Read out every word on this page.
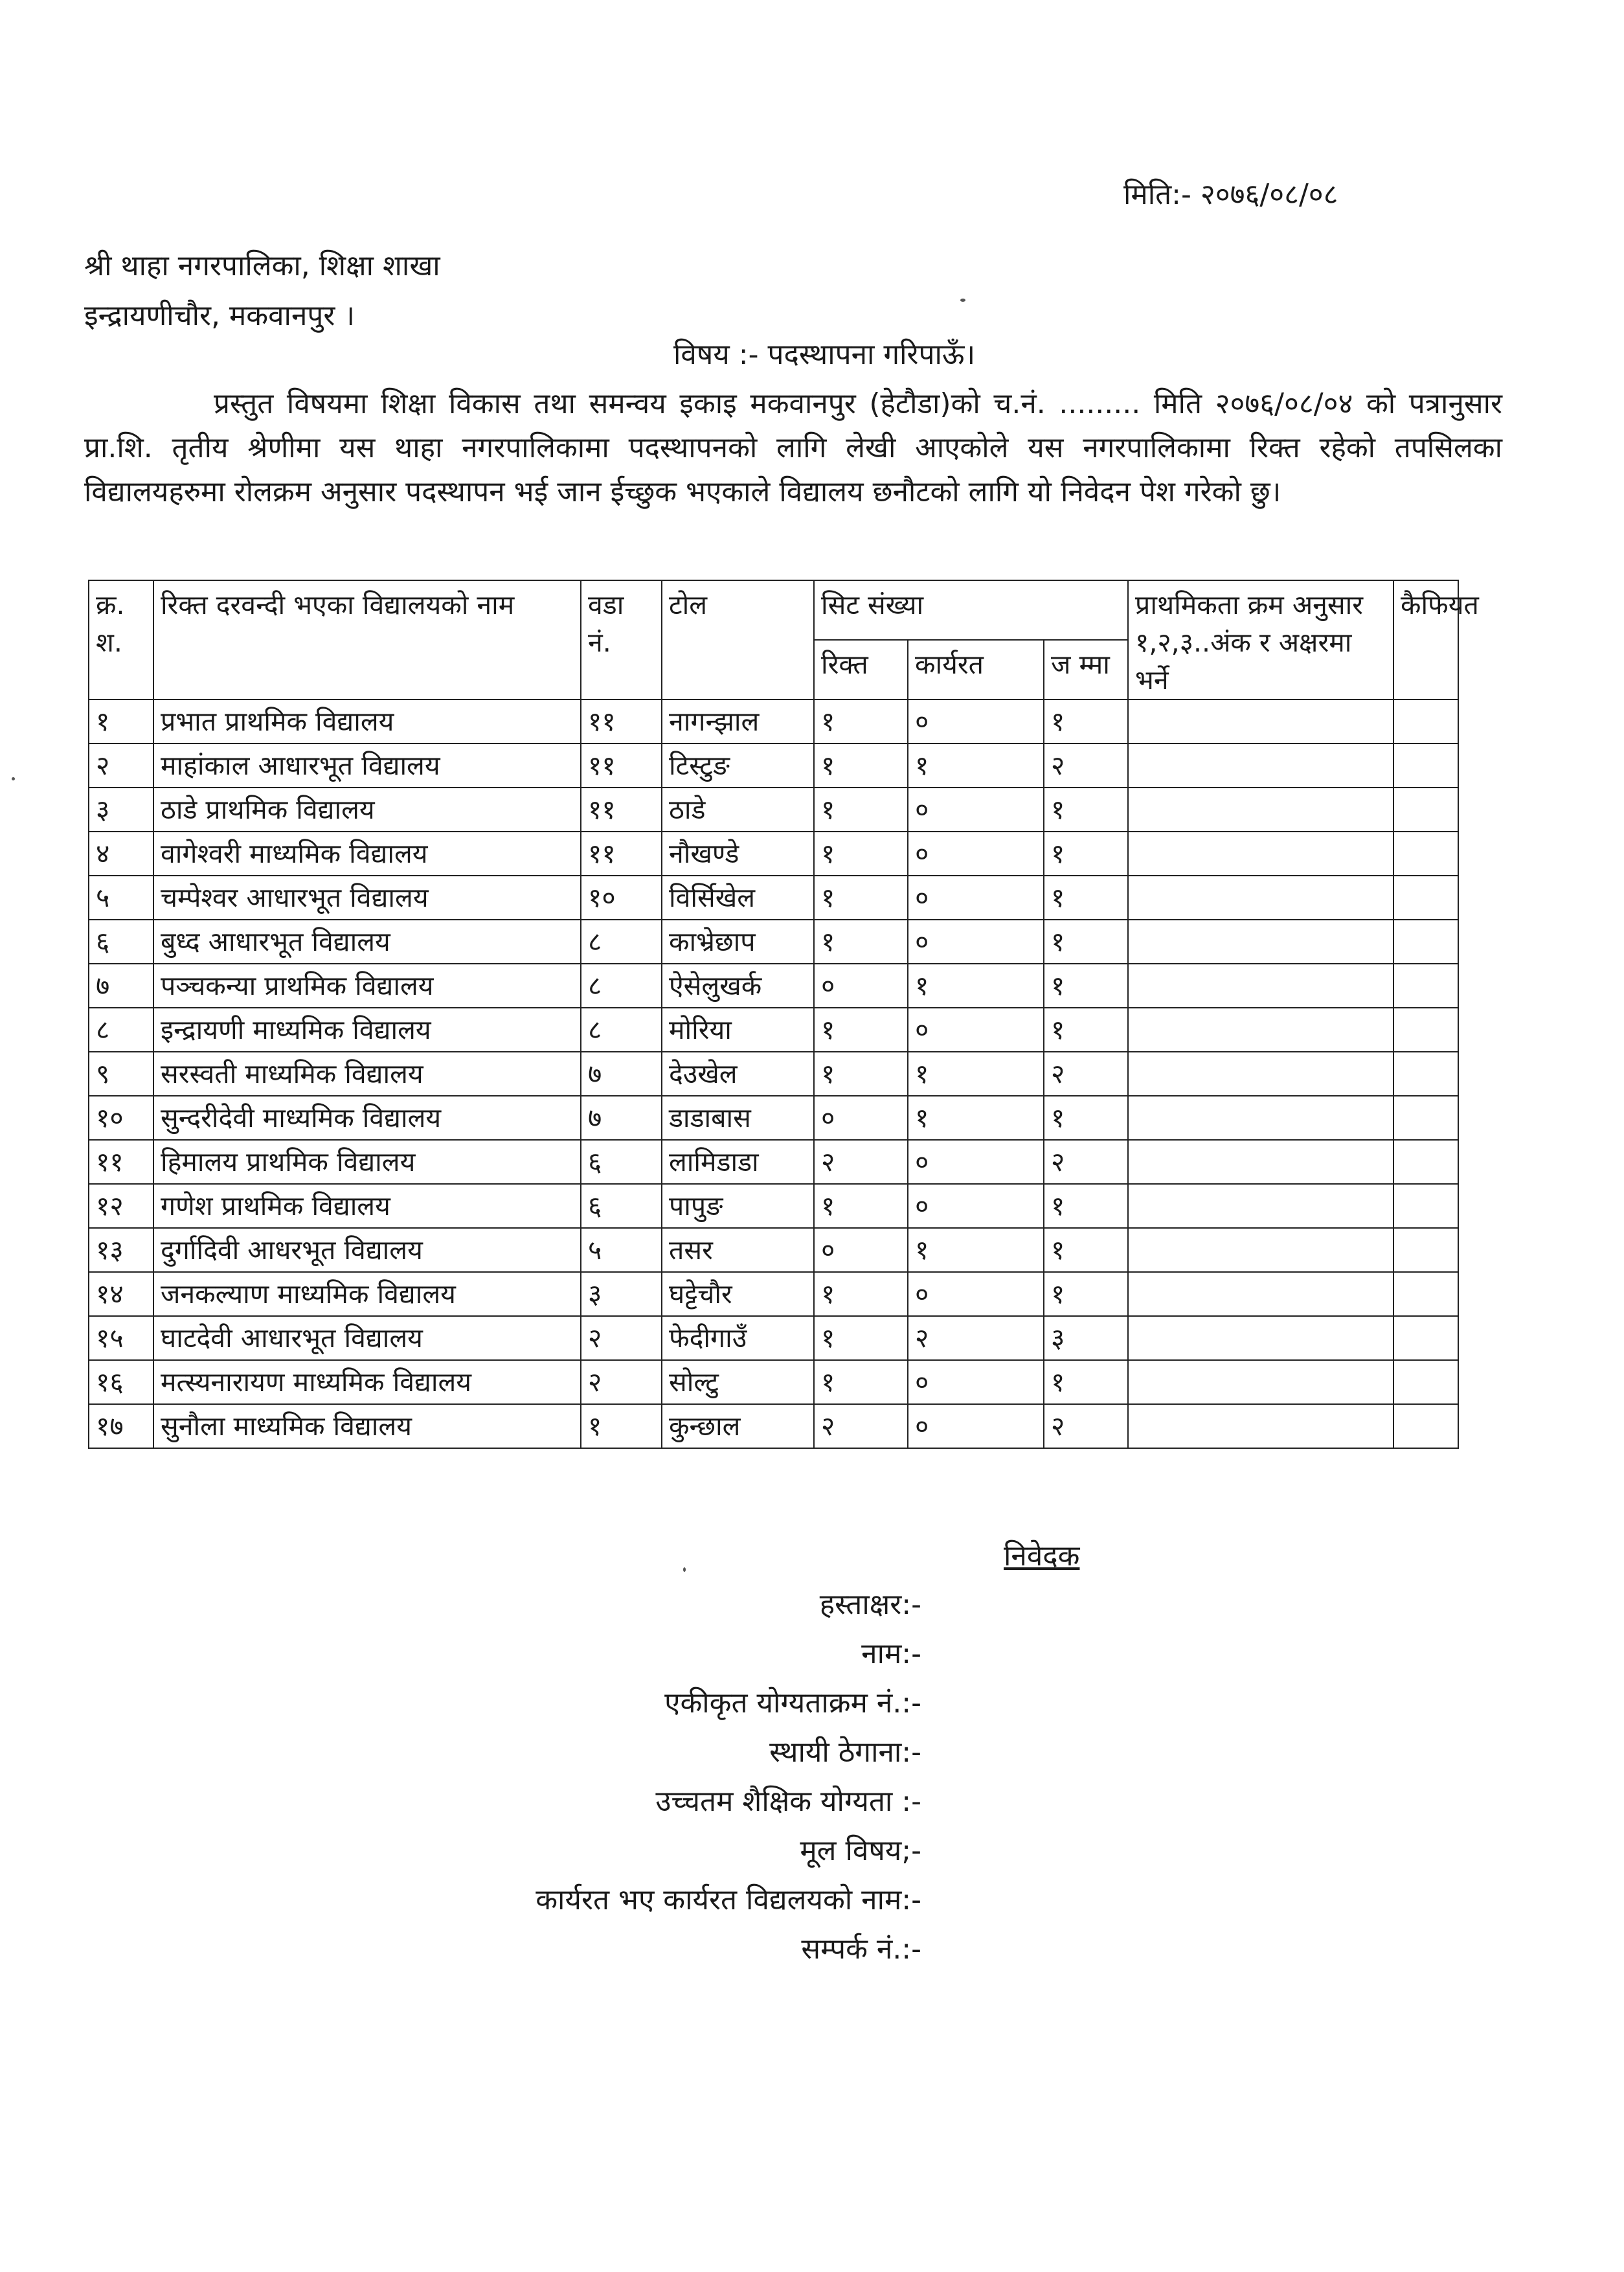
मिति:- २०७६/०८/०८
श्री थाहा नगरपालिका, शिक्षा शाखा
इन्द्रायणीचौर, मकवानपुर ।
विषय :- पदस्थापना गरिपाऊँ।
प्रस्तुत विषयमा शिक्षा विकास तथा समन्वय इकाइ मकवानपुर (हेटौडा)को च.नं. ......... मिति २०७६/०८/०४ को पत्रानुसार प्रा.शि. तृतीय श्रेणीमा यस थाहा नगरपालिकामा पदस्थापनको लागि लेखी आएकोले यस नगरपालिकामा रिक्त रहेको तपसिलका विद्यालयहरुमा रोलक्रम अनुसार पदस्थापन भई जान ईच्छुक भएकाले विद्यालय छनौटको लागि यो निवेदन पेश गरेको छु।
क्र. श.	रिक्त दरवन्दी भएका विद्यालयको नाम	वडा नं.	टोल	सिट संख्या			प्राथमिकता क्रम अनुसार १,२,३..अंक र अक्षरमा भर्ने	कैफियत
				रिक्त	कार्यरत	ज म्मा		
१	प्रभात प्राथमिक विद्यालय	११	नागन्झाल	१	०	१		
२	माहांकाल आधारभूत विद्यालय	११	टिस्टुङ	१	१	२		
३	ठाडे प्राथमिक विद्यालय	११	ठाडे	१	०	१		
४	वागेश्वरी माध्यमिक विद्यालय	११	नौखण्डे	१	०	१		
५	चम्पेश्वर आधारभूत विद्यालय	१०	विर्सिखेल	१	०	१		
६	बुध्द आधारभूत विद्यालय	८	काभ्रेछाप	१	०	१		
७	पञ्चकन्या प्राथमिक विद्यालय	८	ऐसेलुखर्क	०	१	१		
८	इन्द्रायणी माध्यमिक विद्यालय	८	मोरिया	१	०	१		
९	सरस्वती माध्यमिक विद्यालय	७	देउखेल	१	१	२		
१०	सुन्दरीदेवी माध्यमिक विद्यालय	७	डाडाबास	०	१	१		
११	हिमालय प्राथमिक विद्यालय	६	लामिडाडा	२	०	२		
१२	गणेश प्राथमिक विद्यालय	६	पापुङ	१	०	१		
१३	दुर्गादिवी आधरभूत विद्यालय	५	तसर	०	१	१		
१४	जनकल्याण माध्यमिक विद्यालय	३	घट्टेचौर	१	०	१		
१५	घाटदेवी आधारभूत विद्यालय	२	फेदीगाउँ	१	२	३		
१६	मत्स्यनारायण माध्यमिक विद्यालय	२	सोल्टु	१	०	१		
१७	सुनौला माध्यमिक विद्यालय	१	कुन्छाल	२	०	२		
निवेदक
हस्ताक्षर:-
नाम:-
एकीकृत योग्यताक्रम नं.:-
स्थायी ठेगाना:-
उच्चतम शैक्षिक योग्यता :-
मूल विषय;-
कार्यरत भए कार्यरत विद्यलयको नाम:-
सम्पर्क नं.:-
